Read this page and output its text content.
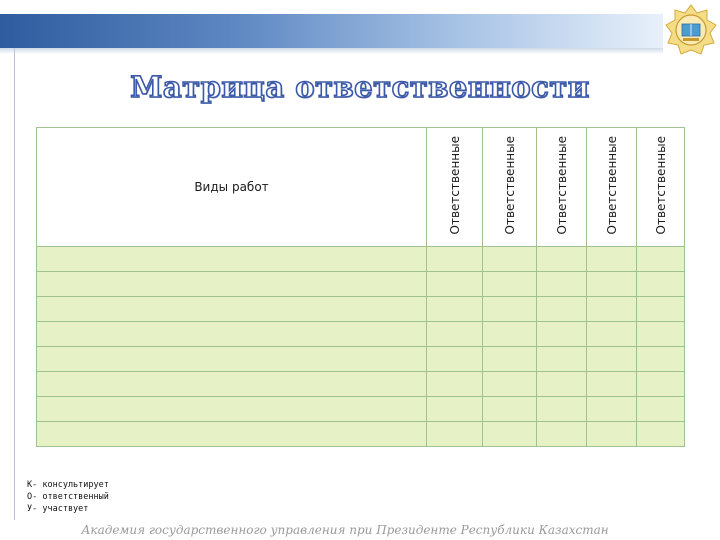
Матрица ответственности
Виды работ	Ответственные	Ответственные	Ответственные	Ответственные	Ответственные

К- консультирует
О- ответственный
У- участвует
Академия государственного управления при Президенте Республики Казахстан
